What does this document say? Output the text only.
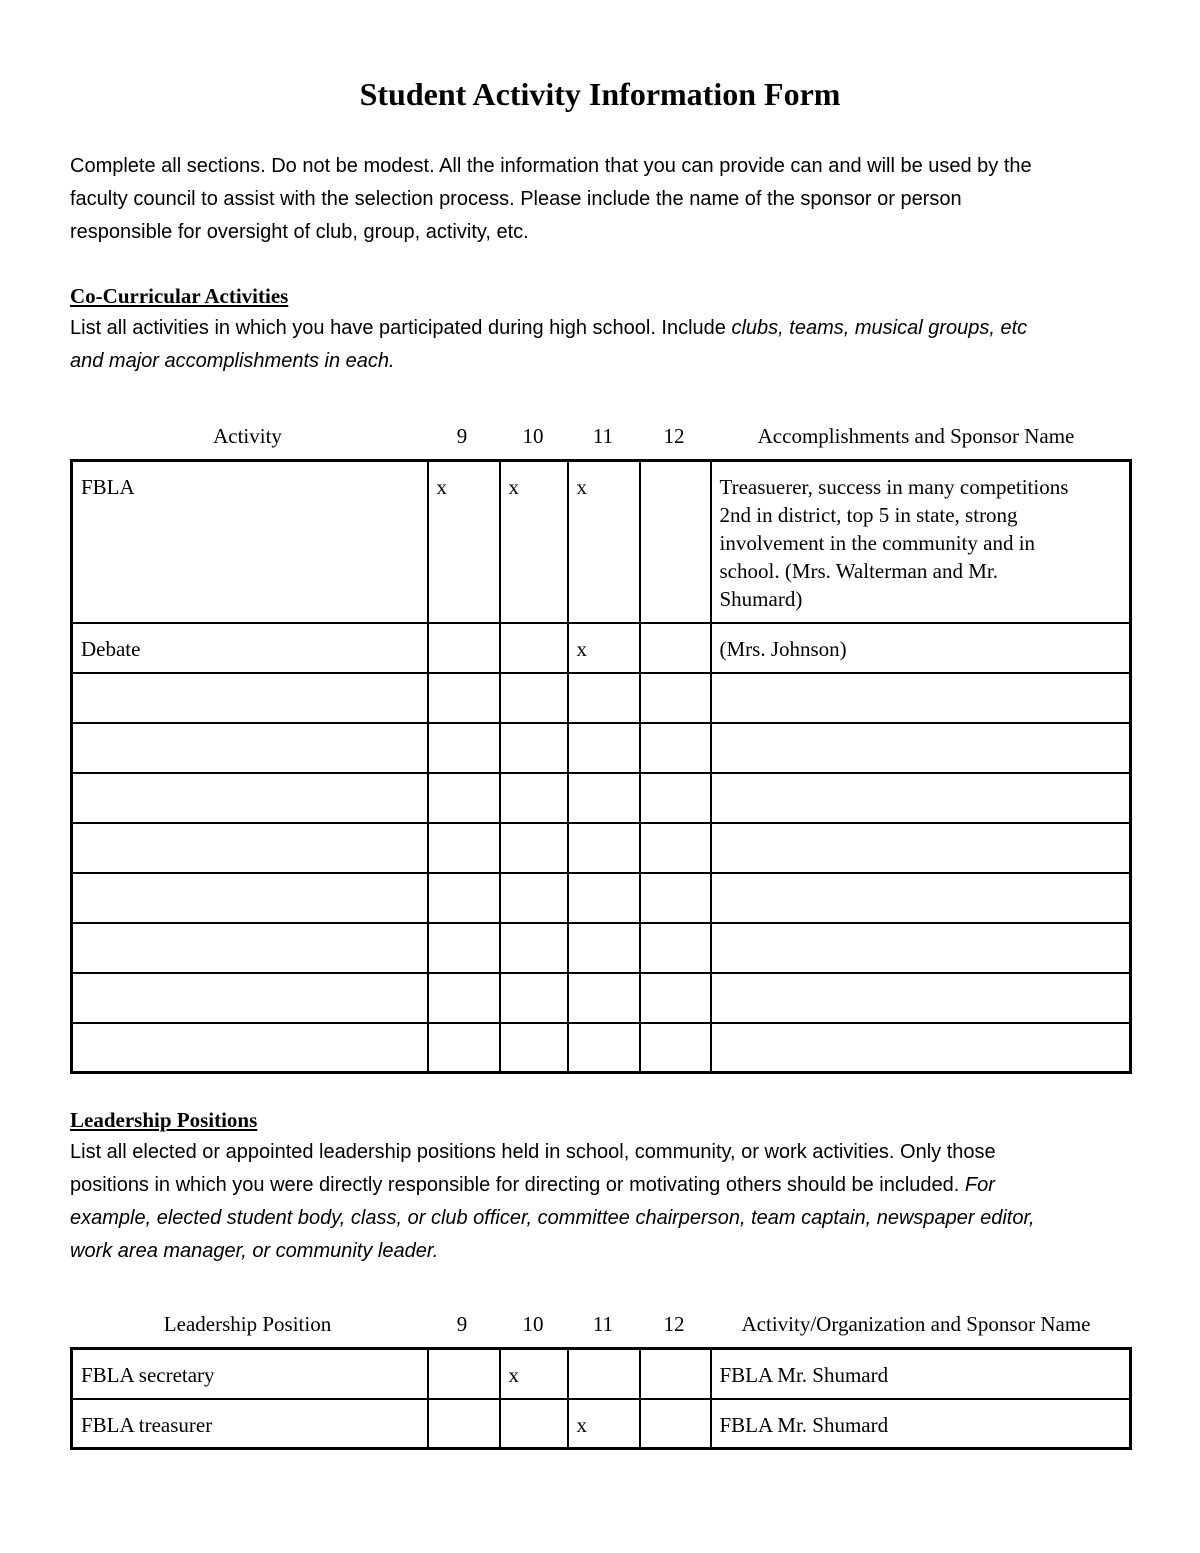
Student Activity Information Form
Complete all sections. Do not be modest. All the information that you can provide can and will be used by the
faculty council to assist with the selection process. Please include the name of the sponsor or person
responsible for oversight of club, group, activity, etc.
Co-Curricular Activities
List all activities in which you have participated during high school. Include clubs, teams, musical groups, etc
and major accomplishments in each.
Activity	9	10	11	12	Accomplishments and Sponsor Name
FBLA	x	x	x		Treasuerer, success in many competitions
2nd in district, top 5 in state, strong
involvement in the community and in
school. (Mrs. Walterman and Mr.
Shumard)

Debate			x		(Mrs. Johnson)

Leadership Positions
List all elected or appointed leadership positions held in school, community, or work activities. Only those
positions in which you were directly responsible for directing or motivating others should be included. For
example, elected student body, class, or club officer, committee chairperson, team captain, newspaper editor,
work area manager, or community leader.
Leadership Position	9	10	11	12	Activity/Organization and Sponsor Name
FBLA secretary		x			FBLA Mr. Shumard
FBLA treasurer			x		FBLA Mr. Shumard
